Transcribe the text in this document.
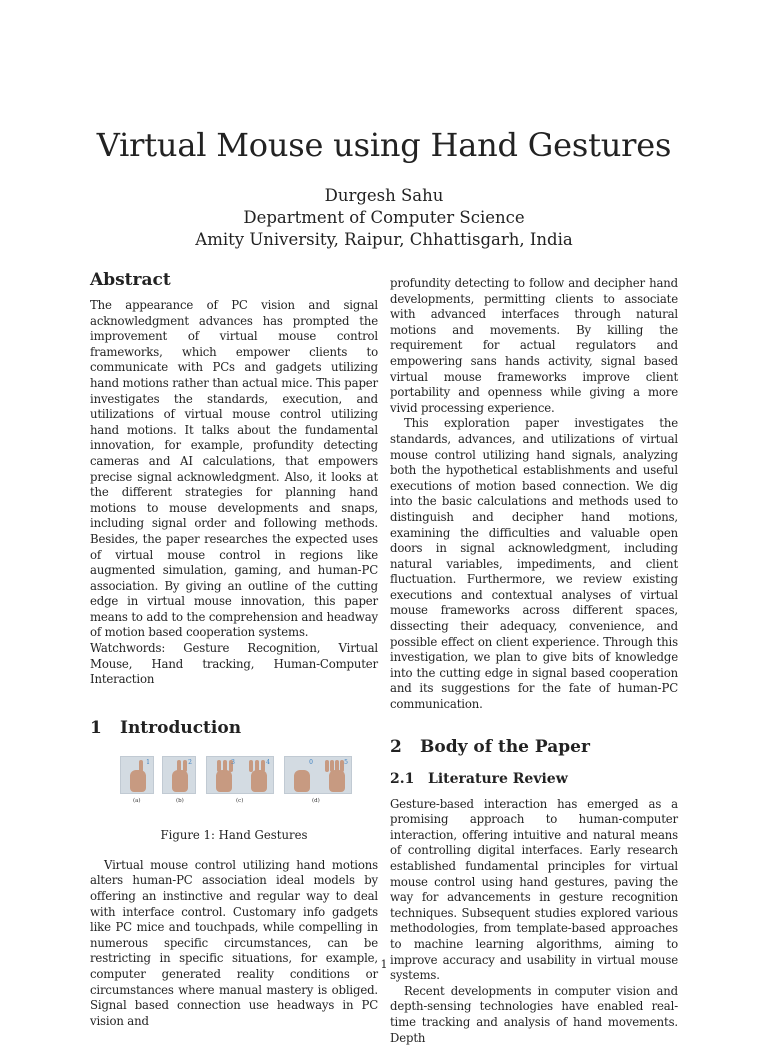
Virtual Mouse using Hand Gestures
Durgesh Sahu
Department of Computer Science
Amity University, Raipur, Chhattisgarh, India
Abstract

The appearance of PC vision and signal acknowledgment advances has prompted the improvement of virtual mouse control frameworks, which empower clients to communicate with PCs and gadgets utilizing hand motions rather than actual mice. This paper investigates the standards, execution, and utilizations of virtual mouse control utilizing hand motions. It talks about the fundamental innovation, for example, profundity detecting cameras and AI calculations, that empowers precise signal acknowledgment. Also, it looks at the different strategies for planning hand motions to mouse developments and snaps, including signal order and following methods. Besides, the paper researches the expected uses of virtual mouse control in regions like augmented simulation, gaming, and human-PC association. By giving an outline of the cutting edge in virtual mouse innovation, this paper means to add to the comprehension and headway of motion based cooperation systems.

Watchwords: Gesture Recognition, Virtual Mouse, Hand tracking, Human-Computer Interaction

1 Introduction
1	2	3	4	0	5
(a)	(b)	(c)	(d)

Figure 1: Hand Gestures

Virtual mouse control utilizing hand motions alters human-PC association ideal models by offering an instinctive and regular way to deal with interface control. Customary info gadgets like PC mice and touchpads, while compelling in numerous specific circumstances, can be restricting in specific situations, for example, computer generated reality conditions or circumstances where manual mastery is obliged. Signal based connection use headways in PC vision and

profundity detecting to follow and decipher hand developments, permitting clients to associate with advanced interfaces through natural motions and movements. By killing the requirement for actual regulators and empowering sans hands activity, signal based virtual mouse frameworks improve client portability and openness while giving a more vivid processing experience.

This exploration paper investigates the standards, advances, and utilizations of virtual mouse control utilizing hand signals, analyzing both the hypothetical establishments and useful executions of motion based connection. We dig into the basic calculations and methods used to distinguish and decipher hand motions, examining the difficulties and valuable open doors in signal acknowledgment, including natural variables, impediments, and client fluctuation. Furthermore, we review existing executions and contextual analyses of virtual mouse frameworks across different spaces, dissecting their adequacy, convenience, and possible effect on client experience. Through this investigation, we plan to give bits of knowledge into the cutting edge in signal based cooperation and its suggestions for the fate of human-PC communication.

2 Body of the Paper
2.1 Literature Review

Gesture-based interaction has emerged as a promising approach to human-computer interaction, offering intuitive and natural means of controlling digital interfaces. Early research established fundamental principles for virtual mouse control using hand gestures, paving the way for advancements in gesture recognition techniques. Subsequent studies explored various methodologies, from template-based approaches to machine learning algorithms, aiming to improve accuracy and usability in virtual mouse systems.

Recent developments in computer vision and depth-sensing technologies have enabled real-time tracking and analysis of hand movements. Depth

1
